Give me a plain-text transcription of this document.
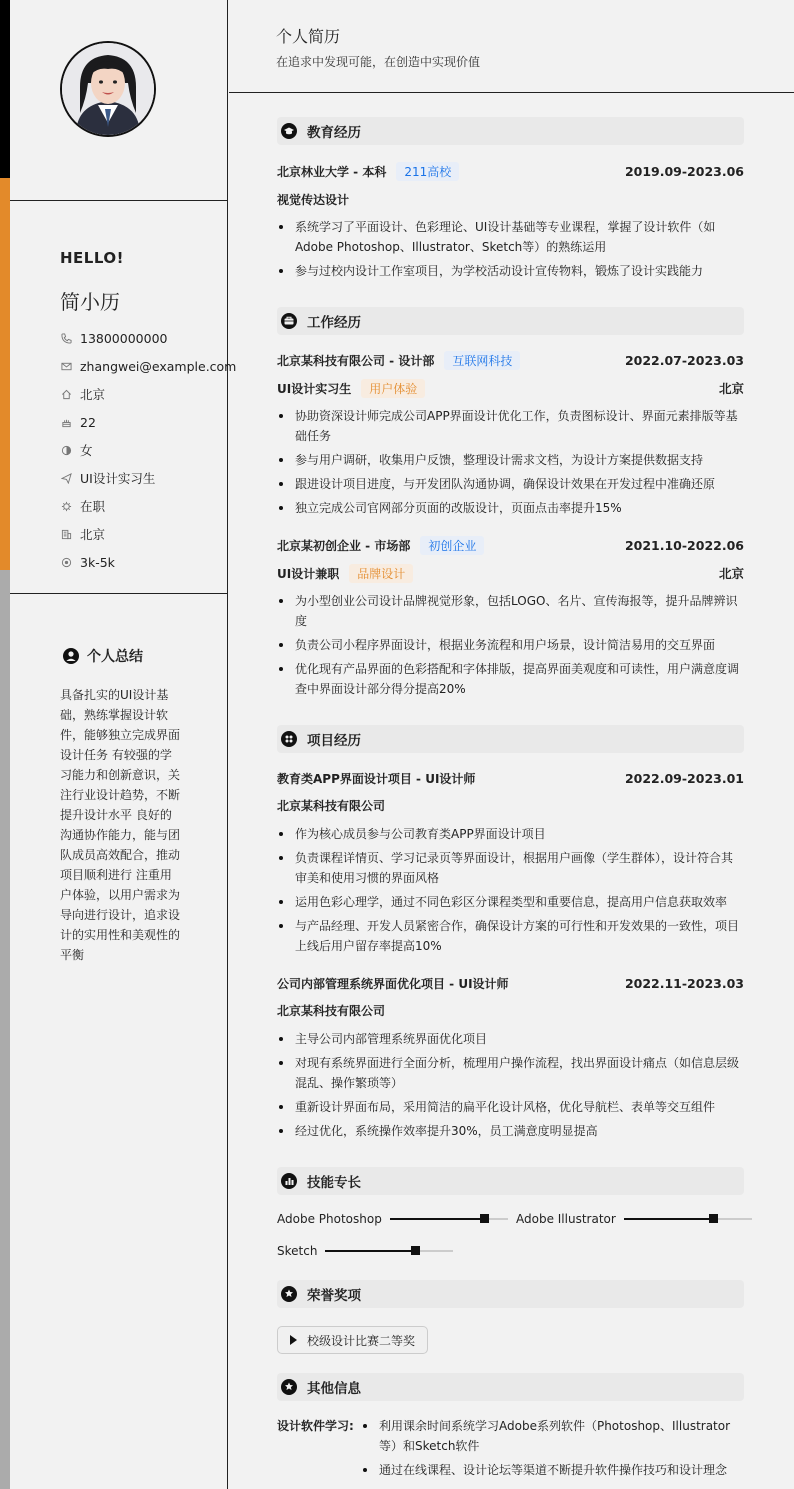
HELLO!
简小历
13800000000
zhangwei@example.com
北京
22
女
UI设计实习生
在职
北京
3k-5k
个人总结
具备扎实的UI设计基础，熟练掌握设计软件，能够独立完成界面设计任务 有较强的学习能力和创新意识，关注行业设计趋势，不断提升设计水平 良好的沟通协作能力，能与团队成员高效配合，推动项目顺利进行 注重用户体验，以用户需求为导向进行设计，追求设计的实用性和美观性的平衡
个人简历

在追求中发现可能，在创造中实现价值

教育经历
北京林业大学 - 本科	211高校	2019.09-2023.06
视觉传达设计
系统学习了平面设计、色彩理论、UI设计基础等专业课程，掌握了设计软件（如Adobe Photoshop、Illustrator、Sketch等）的熟练运用
参与过校内设计工作室项目，为学校活动设计宣传物料，锻炼了设计实践能力
工作经历
北京某科技有限公司 - 设计部	互联网科技	2022.07-2023.03
UI设计实习生	用户体验	北京
协助资深设计师完成公司APP界面设计优化工作，负责图标设计、界面元素排版等基础任务
参与用户调研，收集用户反馈，整理设计需求文档，为设计方案提供数据支持
跟进设计项目进度，与开发团队沟通协调，确保设计效果在开发过程中准确还原
独立完成公司官网部分页面的改版设计，页面点击率提升15%
北京某初创企业 - 市场部	初创企业	2021.10-2022.06
UI设计兼职	品牌设计	北京
为小型创业公司设计品牌视觉形象，包括LOGO、名片、宣传海报等，提升品牌辨识度
负责公司小程序界面设计，根据业务流程和用户场景，设计简洁易用的交互界面
优化现有产品界面的色彩搭配和字体排版，提高界面美观度和可读性，用户满意度调查中界面设计部分得分提高20%
项目经历
教育类APP界面设计项目 - UI设计师	2022.09-2023.01
北京某科技有限公司
作为核心成员参与公司教育类APP界面设计项目
负责课程详情页、学习记录页等界面设计，根据用户画像（学生群体），设计符合其审美和使用习惯的界面风格
运用色彩心理学，通过不同色彩区分课程类型和重要信息，提高用户信息获取效率
与产品经理、开发人员紧密合作，确保设计方案的可行性和开发效果的一致性，项目上线后用户留存率提高10%
公司内部管理系统界面优化项目 - UI设计师	2022.11-2023.03
北京某科技有限公司
主导公司内部管理系统界面优化项目
对现有系统界面进行全面分析，梳理用户操作流程，找出界面设计痛点（如信息层级混乱、操作繁琐等）
重新设计界面布局，采用简洁的扁平化设计风格，优化导航栏、表单等交互组件
经过优化，系统操作效率提升30%，员工满意度明显提高
技能专长
Adobe Photoshop	Adobe Illustrator
Sketch
荣誉奖项
校级设计比赛二等奖
其他信息
设计软件学习:	利用课余时间系统学习Adobe系列软件（Photoshop、Illustrator等）和Sketch软件
通过在线课程、设计论坛等渠道不断提升软件操作技巧和设计理念
